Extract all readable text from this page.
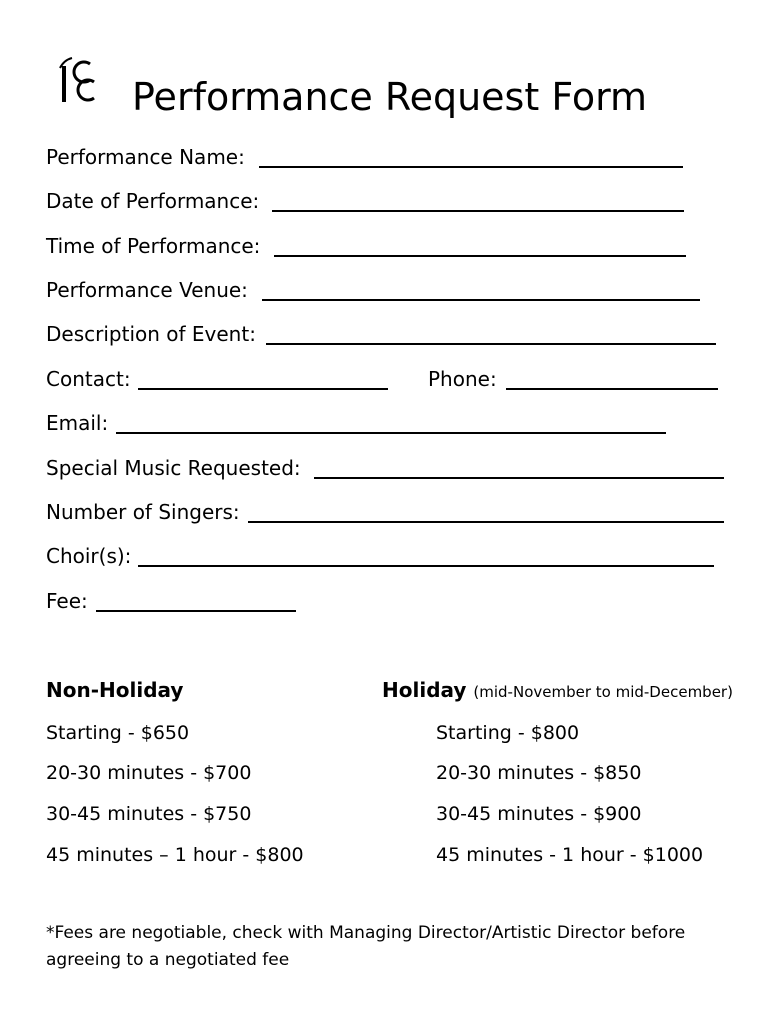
Performance Request Form
Performance Name:
Date of Performance:
Time of Performance:
Performance Venue:
Description of Event:
Contact:	Phone:
Email:
Special Music Requested:
Number of Singers:
Choir(s):
Fee:
Non-Holiday	Holiday (mid-November to mid-December)
Starting - $650
20-30 minutes - $700
30-45 minutes - $750
45 minutes – 1 hour - $800
Starting - $800
20-30 minutes - $850
30-45 minutes - $900
45 minutes - 1 hour - $1000
*Fees are negotiable, check with Managing Director/Artistic Director before agreeing to a negotiated fee
